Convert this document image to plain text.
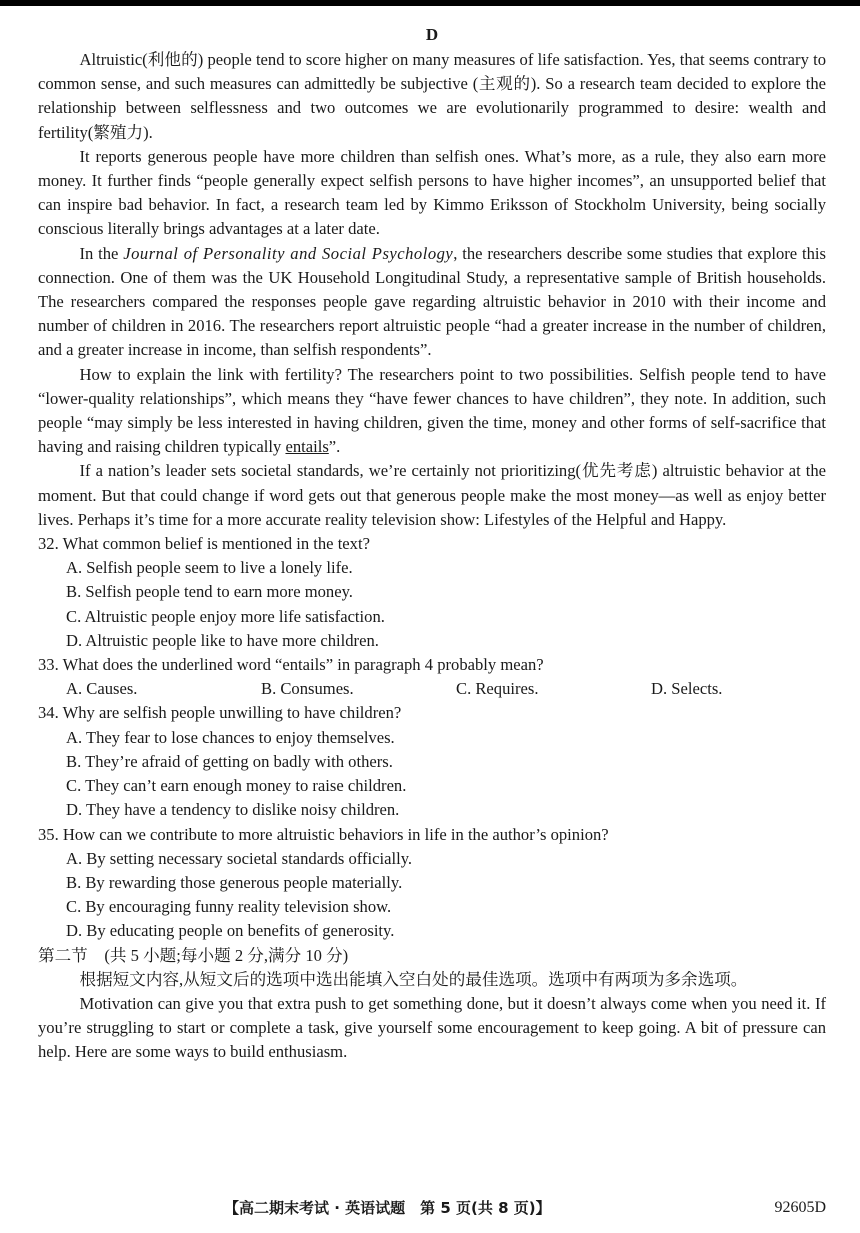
D

Altruistic(利他的) people tend to score higher on many measures of life satisfaction. Yes, that seems contrary to common sense, and such measures can admittedly be subjective (主观的). So a research team decided to explore the relationship between selflessness and two outcomes we are evolutionarily programmed to desire: wealth and fertility(繁殖力).

It reports generous people have more children than selfish ones. What’s more, as a rule, they also earn more money. It further finds “people generally expect selfish persons to have higher incomes”, an unsupported belief that can inspire bad behavior. In fact, a research team led by Kimmo Eriksson of Stockholm University, being socially conscious literally brings advantages at a later date.

In the Journal of Personality and Social Psychology, the researchers describe some studies that explore this connection. One of them was the UK Household Longitudinal Study, a representative sample of British households. The researchers compared the responses people gave regarding altruistic behavior in 2010 with their income and number of children in 2016. The researchers report altruistic people “had a greater increase in the number of children, and a greater increase in income, than selfish respondents”.

How to explain the link with fertility? The researchers point to two possibilities. Selfish people tend to have “lower-quality relationships”, which means they “have fewer chances to have children”, they note. In addition, such people “may simply be less interested in having children, given the time, money and other forms of self-sacrifice that having and raising children typically entails”.

If a nation’s leader sets societal standards, we’re certainly not prioritizing(优先考虑) altruistic behavior at the moment. But that could change if word gets out that generous people make the most money—as well as enjoy better lives. Perhaps it’s time for a more accurate reality television show: Lifestyles of the Helpful and Happy.

32. What common belief is mentioned in the text?
A. Selfish people seem to live a lonely life.
B. Selfish people tend to earn more money.
C. Altruistic people enjoy more life satisfaction.
D. Altruistic people like to have more children.
33. What does the underlined word “entails” in paragraph 4 probably mean?
A. Causes.	B. Consumes.	C. Requires.	D. Selects.
34. Why are selfish people unwilling to have children?
A. They fear to lose chances to enjoy themselves.
B. They’re afraid of getting on badly with others.
C. They can’t earn enough money to raise children.
D. They have a tendency to dislike noisy children.
35. How can we contribute to more altruistic behaviors in life in the author’s opinion?
A. By setting necessary societal standards officially.
B. By rewarding those generous people materially.
C. By encouraging funny reality television show.
D. By educating people on benefits of generosity.
第二节　(共 5 小题;每小题 2 分,满分 10 分)

根据短文内容,从短文后的选项中选出能填入空白处的最佳选项。选项中有两项为多余选项。

Motivation can give you that extra push to get something done, but it doesn’t always come when you need it. If you’re struggling to start or complete a task, give yourself some encouragement to keep going. A bit of pressure can help. Here are some ways to build enthusiasm.

【高二期末考试 · 英语试题　第 5 页(共 8 页)】	92605D
